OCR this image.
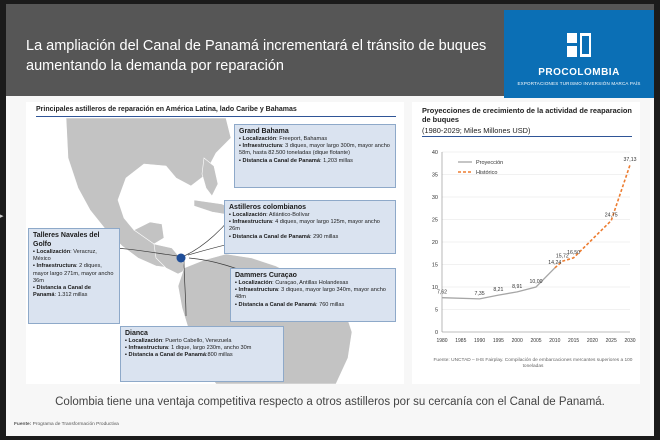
▸
La ampliación del Canal de Panamá incrementará el tránsito de buques aumentando la demanda por reparación	PROCOLOMBIA
EXPORTACIONES TURISMO INVERSIÓN MARCA PAÍS
Principales astilleros de reparación en América Latina, lado Caribe y Bahamas
Grand Bahama
▪ Localización: Freeport, Bahamas
▪ Infraestructura: 3 diques, mayor largo 300m, mayor ancho 58m, hasta 82.500 toneladas (dique flotante)
▪ Distancia a Canal de Panamá: 1,203 millas
Astilleros colombianos
▪ Localización: Atlántico-Bolívar
▪ Infraestructura: 4 diques, mayor largo 125m, mayor ancho 26m
▪ Distancia a Canal de Panamá: 290 millas
Talleres Navales del Golfo
▪ Localización: Veracruz, México
▪ Infraestructura: 2 diques, mayor largo 271m, mayor ancho 36m
▪ Distancia a Canal de Panamá: 1.312 millas
Dammers Curaçao
▪ Localización: Curaçao, Antillas Holandesas
▪ Infraestructura: 3 diques, mayor largo 340m, mayor ancho 48m
▪ Distancia a Canal de Panamá: 760 millas
Dianca
▪ Localización: Puerto Cabello, Venezuela
▪ Infraestructura: 1 dique, largo 230m, ancho 30m
▪ Distancia a Canal de Panamá:800 millas
Proyecciones de crecimiento de la actividad de reaparacion de buques
(1980-2029; Miles Millones USD)
0
5
10
15
20
25
30
35
40
1980 1985 1990 1995 2000 2005 2010 2015 2020 2025 2030
7,62	7,35
8,21
8,91
10,00
14,24
15,72
16,50
24,75
37,13
Proyección
Histórico
Fuente: UNCTAD – IHS Fairplay. Compilación de embarcaciones mercantes superiores a 100 toneladas
Colombia tiene una ventaja competitiva respecto a otros astilleros por su cercanía con el Canal de Panamá.
Fuente: Programa de Transformación Productiva
